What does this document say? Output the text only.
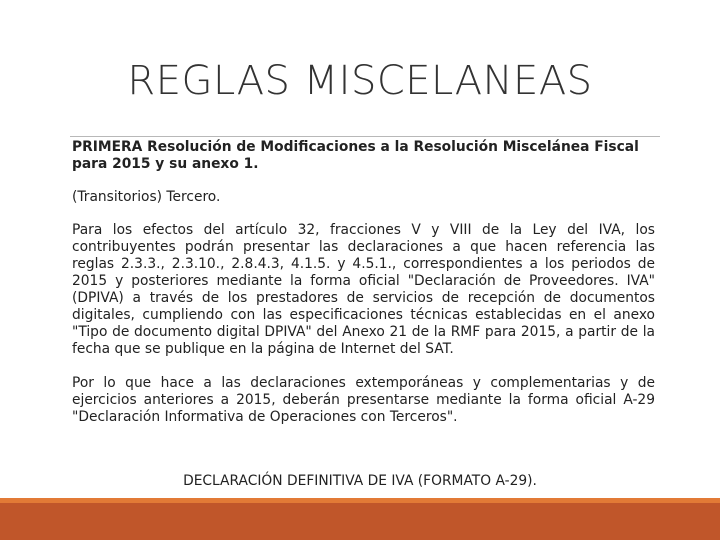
REGLAS MISCELANEAS

PRIMERA Resolución de Modificaciones a la Resolución Miscelánea Fiscal para 2015 y su anexo 1.

(Transitorios) Tercero.

Para los efectos del artículo 32, fracciones V y VIII de la Ley del IVA, los contribuyentes podrán presentar las declaraciones a que hacen referencia las reglas 2.3.3., 2.3.10., 2.8.4.3, 4.1.5. y 4.5.1., correspondientes a los periodos de 2015 y posteriores mediante la forma oficial "Declaración de Proveedores. IVA" (DPIVA) a través de los prestadores de servicios de recepción de documentos digitales, cumpliendo con las especificaciones técnicas establecidas en el anexo "Tipo de documento digital DPIVA" del Anexo 21 de la RMF para 2015, a partir de la fecha que se publique en la página de Internet del SAT.

Por lo que hace a las declaraciones extemporáneas y complementarias y de ejercicios anteriores a 2015, deberán presentarse mediante la forma oficial A-29 "Declaración Informativa de Operaciones con Terceros".

DECLARACIÓN DEFINITIVA DE IVA (FORMATO A-29).
